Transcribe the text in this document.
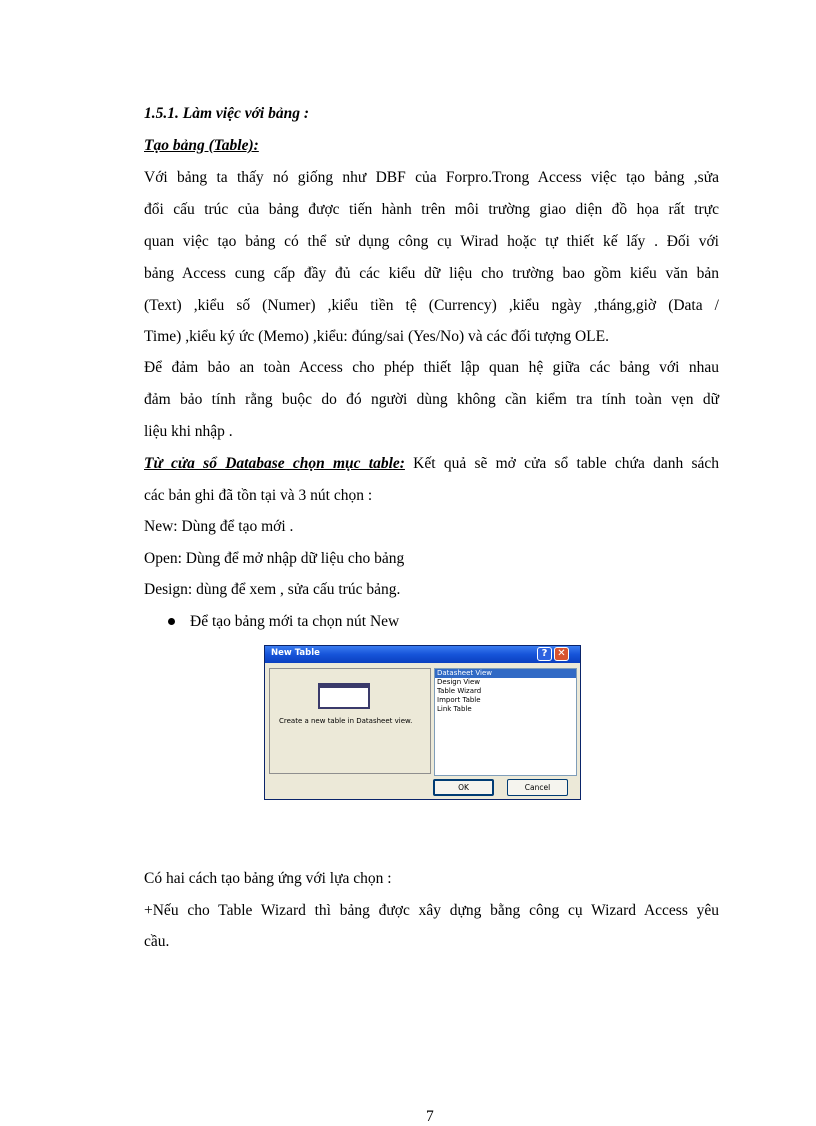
1.5.1. Làm việc với bảng :
Tạo bảng (Table):
Với bảng ta thấy nó giống như DBF của Forpro.Trong Access việc tạo bảng ,sửa
đổi cấu trúc của bảng được tiến hành trên môi trường giao diện đồ họa rất trực
quan việc tạo bảng có thể sử dụng công cụ Wirad hoặc tự thiết kế lấy . Đối với
bảng Access cung cấp đầy đủ các kiểu dữ liệu cho trường bao gồm kiểu văn bản
(Text) ,kiểu số (Numer) ,kiểu tiền tệ (Currency) ,kiểu ngày ,tháng,giờ (Data /
Time) ,kiểu ký ức (Memo) ,kiểu: đúng/sai (Yes/No) và các đối tượng OLE.
Để đảm bảo an toàn Access cho phép thiết lập quan hệ giữa các bảng với nhau
đảm bảo tính rằng buộc do đó người dùng không cần kiểm tra tính toàn vẹn dữ
liệu khi nhập .
Từ cửa sổ Database chọn mục table: Kết quả sẽ mở cửa sổ table chứa danh sách
các bản ghi đã tồn tại và 3 nút chọn :
New: Dùng để tạo mới .
Open: Dùng để mở nhập dữ liệu cho bảng
Design: dùng để xem , sửa cấu trúc bảng.
Để tạo bảng mới ta chọn nút New
New Table	? ✕
Create a new table in Datasheet view.
Datasheet View
Design View
Table Wizard
Import Table
Link Table
OK	Cancel
Có hai cách tạo bảng ứng với lựa chọn :
+Nếu cho Table Wizard thì bảng được xây dựng bằng công cụ Wizard Access yêu
cầu.
7
